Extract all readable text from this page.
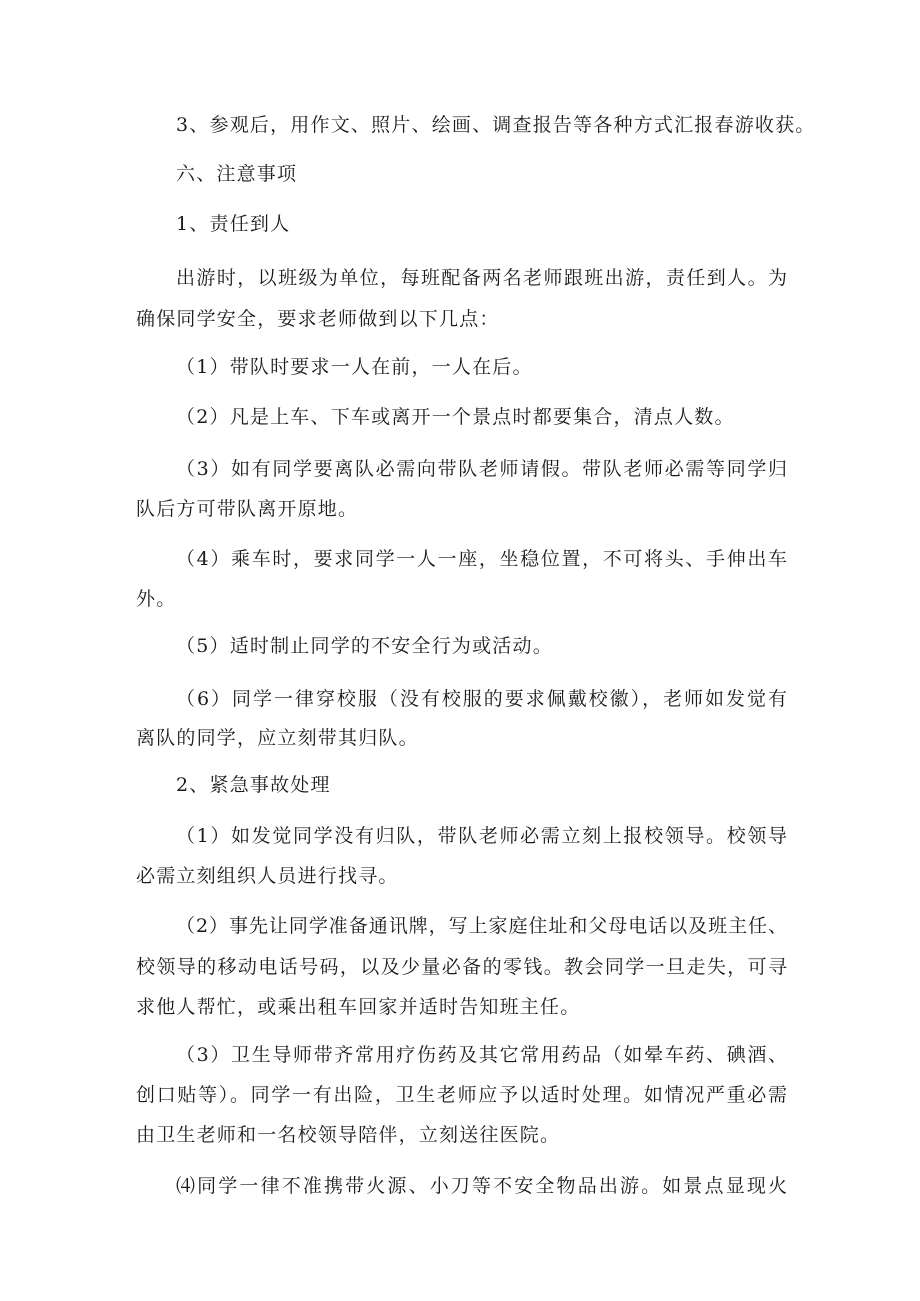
3、参观后，用作文、照片、绘画、调查报告等各种方式汇报春游收获。
六、注意事项
1、责任到人
出游时，以班级为单位，每班配备两名老师跟班出游，责任到人。为
确保同学安全，要求老师做到以下几点：
（1）带队时要求一人在前，一人在后。
（2）凡是上车、下车或离开一个景点时都要集合，清点人数。
（3）如有同学要离队必需向带队老师请假。带队老师必需等同学归
队后方可带队离开原地。
（4）乘车时，要求同学一人一座，坐稳位置，不可将头、手伸出车
外。
（5）适时制止同学的不安全行为或活动。
（6）同学一律穿校服（没有校服的要求佩戴校徽），老师如发觉有
离队的同学，应立刻带其归队。
2、紧急事故处理
（1）如发觉同学没有归队，带队老师必需立刻上报校领导。校领导
必需立刻组织人员进行找寻。
（2）事先让同学准备通讯牌，写上家庭住址和父母电话以及班主任、
校领导的移动电话号码，以及少量必备的零钱。教会同学一旦走失，可寻
求他人帮忙，或乘出租车回家并适时告知班主任。
（3）卫生导师带齐常用疗伤药及其它常用药品（如晕车药、碘酒、
创口贴等）。同学一有出险，卫生老师应予以适时处理。如情况严重必需
由卫生老师和一名校领导陪伴，立刻送往医院。
⑷同学一律不准携带火源、小刀等不安全物品出游。如景点显现火
